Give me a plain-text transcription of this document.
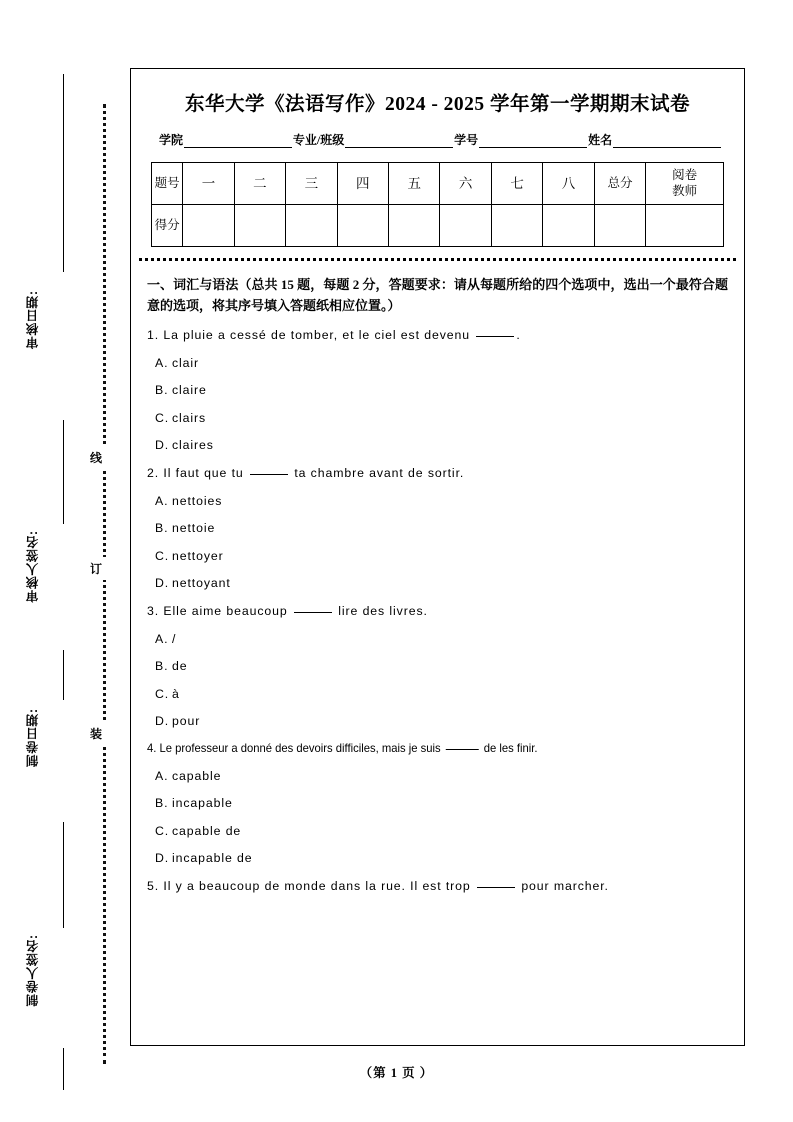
审核日期:
审核人签名:
制卷日期:
制卷人签名:
线
订
装
东华大学《法语写作》2024 - 2025 学年第一学期期末试卷
学院	专业/班级	学号	姓名
题号	一	二	三	四	五	六	七	八	总分	阅卷
教师

得分										
一、词汇与语法（总共 15 题，每题 2 分，答题要求：请从每题所给的四个选项中，选出一个最符合题意的选项，将其序号填入答题纸相应位置。）
1. La pluie a cessé de tomber, et le ciel est devenu	.
A. clair
B. claire
C. clairs
D. claires
2. Il faut que tu	ta chambre avant de sortir.
A. nettoies
B. nettoie
C. nettoyer
D. nettoyant
3. Elle aime beaucoup	lire des livres.
A. /
B. de
C. à
D. pour
4. Le professeur a donné des devoirs difficiles, mais je suis	de les finir.
A. capable
B. incapable
C. capable de
D. incapable de
5. Il y a beaucoup de monde dans la rue. Il est trop	pour marcher.
（第 1 页 ）
